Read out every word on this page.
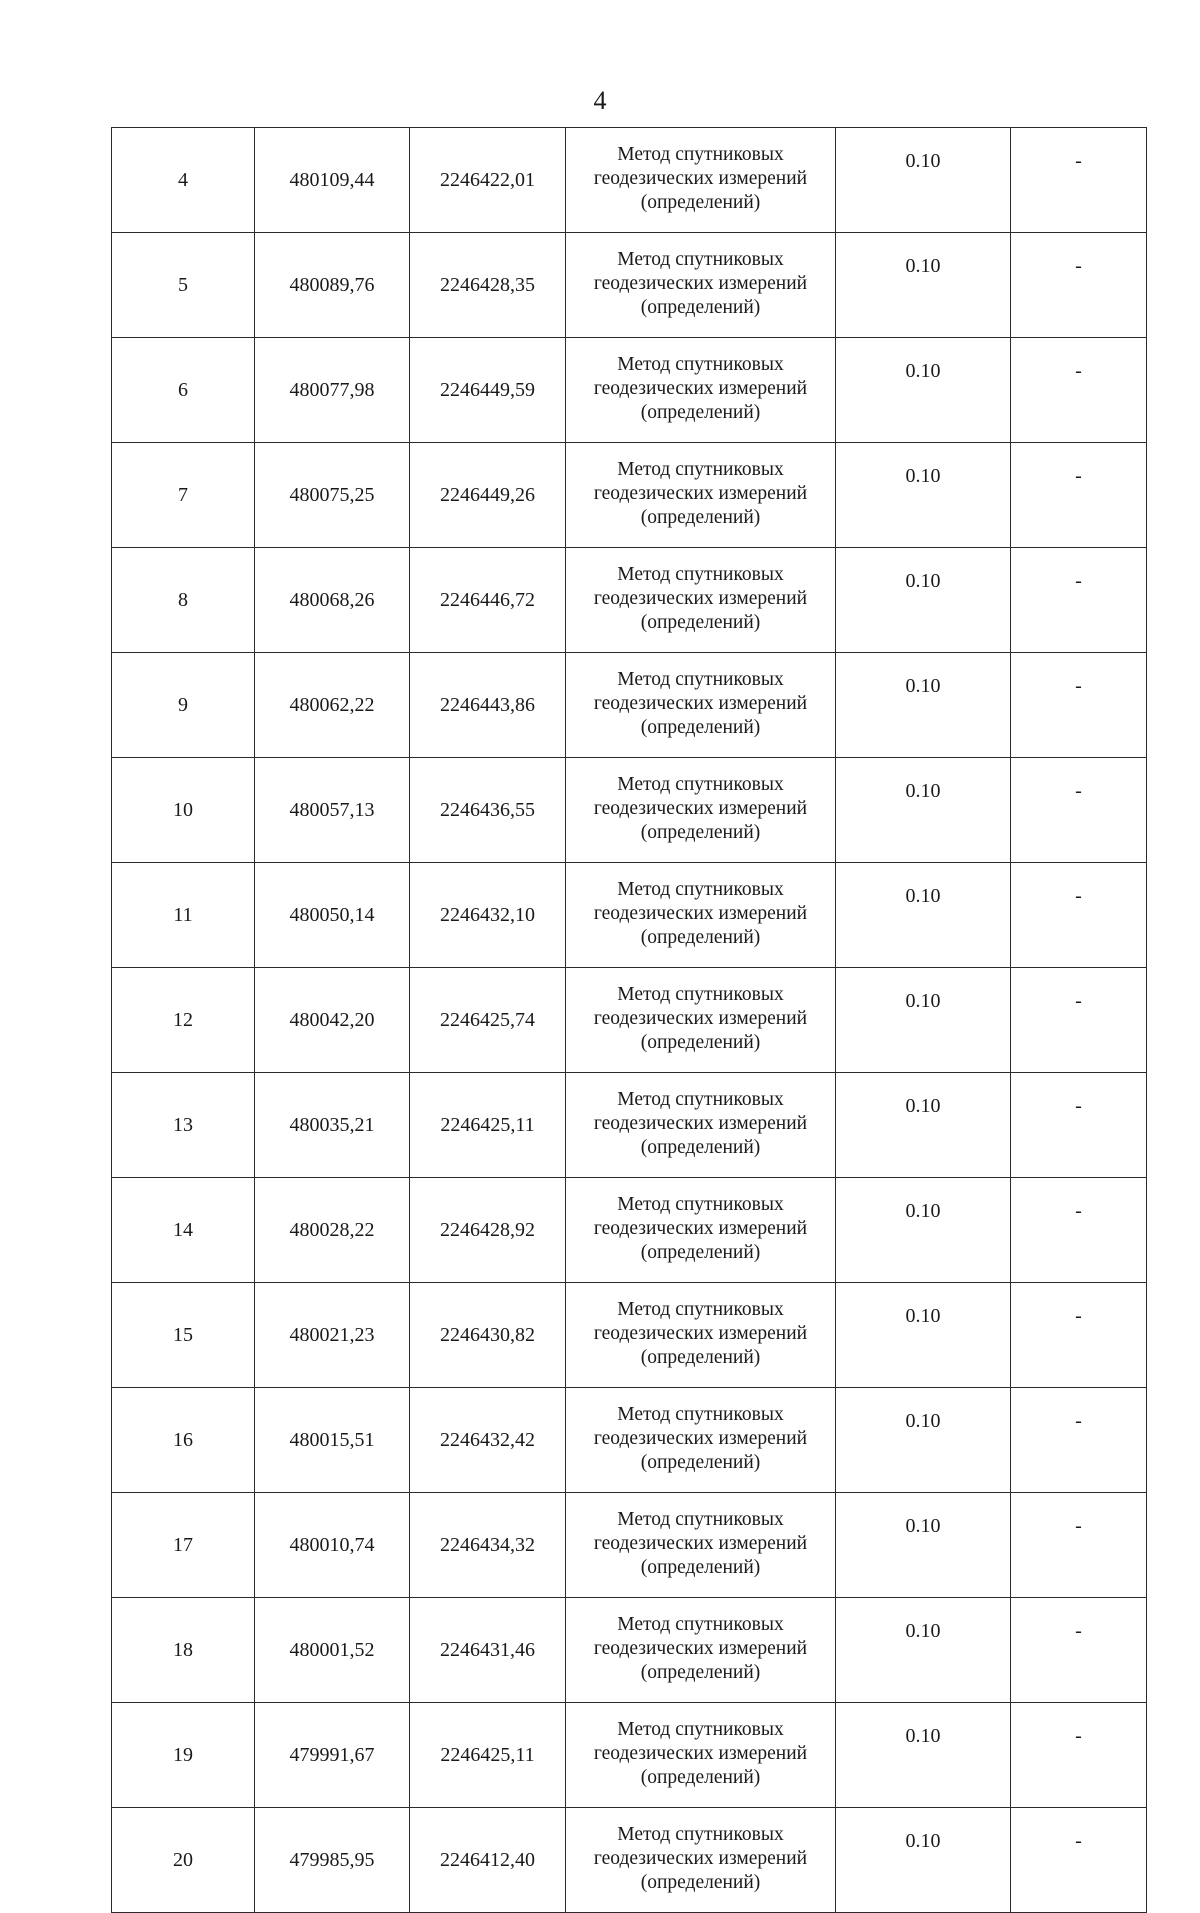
4
4	480109,44	2246422,01	Метод спутниковых
геодезических измерений
(определений)	0.10	-
5	480089,76	2246428,35	Метод спутниковых
геодезических измерений
(определений)	0.10	-
6	480077,98	2246449,59	Метод спутниковых
геодезических измерений
(определений)	0.10	-
7	480075,25	2246449,26	Метод спутниковых
геодезических измерений
(определений)	0.10	-
8	480068,26	2246446,72	Метод спутниковых
геодезических измерений
(определений)	0.10	-
9	480062,22	2246443,86	Метод спутниковых
геодезических измерений
(определений)	0.10	-
10	480057,13	2246436,55	Метод спутниковых
геодезических измерений
(определений)	0.10	-
11	480050,14	2246432,10	Метод спутниковых
геодезических измерений
(определений)	0.10	-
12	480042,20	2246425,74	Метод спутниковых
геодезических измерений
(определений)	0.10	-
13	480035,21	2246425,11	Метод спутниковых
геодезических измерений
(определений)	0.10	-
14	480028,22	2246428,92	Метод спутниковых
геодезических измерений
(определений)	0.10	-
15	480021,23	2246430,82	Метод спутниковых
геодезических измерений
(определений)	0.10	-
16	480015,51	2246432,42	Метод спутниковых
геодезических измерений
(определений)	0.10	-
17	480010,74	2246434,32	Метод спутниковых
геодезических измерений
(определений)	0.10	-
18	480001,52	2246431,46	Метод спутниковых
геодезических измерений
(определений)	0.10	-
19	479991,67	2246425,11	Метод спутниковых
геодезических измерений
(определений)	0.10	-
20	479985,95	2246412,40	Метод спутниковых
геодезических измерений
(определений)	0.10	-
